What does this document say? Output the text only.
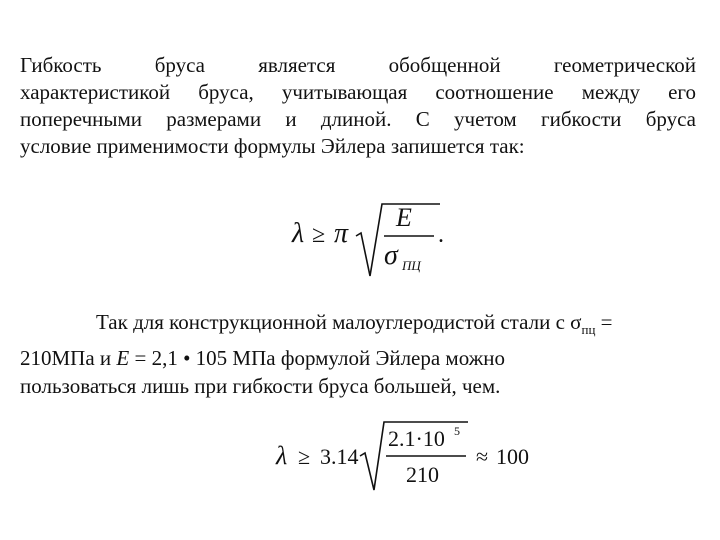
Гибкость бруса является обобщенной геометрической
характеристикой бруса, учитывающая соотношение между его
поперечными размерами и длиной. С учетом гибкости бруса
условие применимости формулы Эйлера запишется так:
λ ≥ π
E
σ ПЦ
.
Так для конструкционной малоуглеродистой стали с $\sigma_{пц}$ =
210МПа и E = 2,1 • 105 МПа формулой Эйлера можно
пользоваться лишь при гибкости бруса большей, чем.
λ ≥ 3.14
2.1·10 5
210
≈ 100
